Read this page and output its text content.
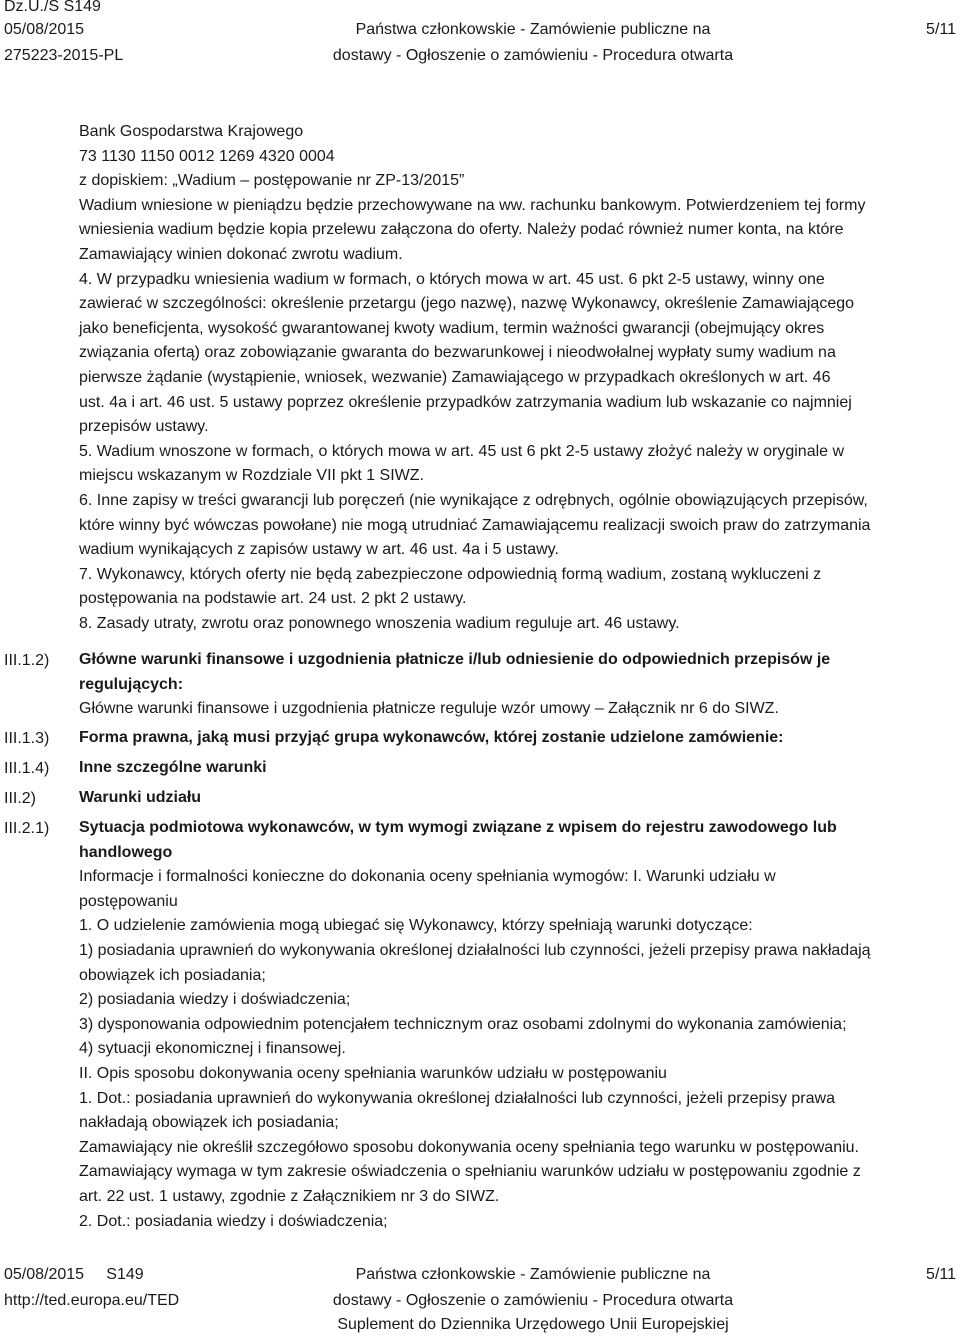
Dz.U./S S149
05/08/2015
275223-2015-PL
Państwa członkowskie - Zamówienie publiczne na
dostawy - Ogłoszenie o zamówieniu - Procedura otwarta
5/11
III.1.2)
III.1.3)
III.1.4)
III.2)
III.2.1)

Bank Gospodarstwa Krajowego

73 1130 1150 0012 1269 4320 0004

z dopiskiem: „Wadium – postępowanie nr ZP-13/2015”

Wadium wniesione w pieniądzu będzie przechowywane na ww. rachunku bankowym. Potwierdzeniem tej formy

wniesienia wadium będzie kopia przelewu załączona do oferty. Należy podać również numer konta, na które

Zamawiający winien dokonać zwrotu wadium.

4. W przypadku wniesienia wadium w formach, o których mowa w art. 45 ust. 6 pkt 2-5 ustawy, winny one

zawierać w szczególności: określenie przetargu (jego nazwę), nazwę Wykonawcy, określenie Zamawiającego

jako beneficjenta, wysokość gwarantowanej kwoty wadium, termin ważności gwarancji (obejmujący okres

związania ofertą) oraz zobowiązanie gwaranta do bezwarunkowej i nieodwołalnej wypłaty sumy wadium na

pierwsze żądanie (wystąpienie, wniosek, wezwanie) Zamawiającego w przypadkach określonych w art. 46

ust. 4a i art. 46 ust. 5 ustawy poprzez określenie przypadków zatrzymania wadium lub wskazanie co najmniej

przepisów ustawy.

5. Wadium wnoszone w formach, o których mowa w art. 45 ust 6 pkt 2-5 ustawy złożyć należy w oryginale w

miejscu wskazanym w Rozdziale VII pkt 1 SIWZ.

6. Inne zapisy w treści gwarancji lub poręczeń (nie wynikające z odrębnych, ogólnie obowiązujących przepisów,

które winny być wówczas powołane) nie mogą utrudniać Zamawiającemu realizacji swoich praw do zatrzymania

wadium wynikających z zapisów ustawy w art. 46 ust. 4a i 5 ustawy.

7. Wykonawcy, których oferty nie będą zabezpieczone odpowiednią formą wadium, zostaną wykluczeni z

postępowania na podstawie art. 24 ust. 2 pkt 2 ustawy.

8. Zasady utraty, zwrotu oraz ponownego wnoszenia wadium reguluje art. 46 ustawy.

Główne warunki finansowe i uzgodnienia płatnicze i/lub odniesienie do odpowiednich przepisów je

regulujących:

Główne warunki finansowe i uzgodnienia płatnicze reguluje wzór umowy – Załącznik nr 6 do SIWZ.

Forma prawna, jaką musi przyjąć grupa wykonawców, której zostanie udzielone zamówienie:

Inne szczególne warunki

Warunki udziału

Sytuacja podmiotowa wykonawców, w tym wymogi związane z wpisem do rejestru zawodowego lub

handlowego

Informacje i formalności konieczne do dokonania oceny spełniania wymogów: I. Warunki udziału w

postępowaniu

1. O udzielenie zamówienia mogą ubiegać się Wykonawcy, którzy spełniają warunki dotyczące:

1) posiadania uprawnień do wykonywania określonej działalności lub czynności, jeżeli przepisy prawa nakładają

obowiązek ich posiadania;

2) posiadania wiedzy i doświadczenia;

3) dysponowania odpowiednim potencjałem technicznym oraz osobami zdolnymi do wykonania zamówienia;

4) sytuacji ekonomicznej i finansowej.

II. Opis sposobu dokonywania oceny spełniania warunków udziału w postępowaniu

1. Dot.: posiadania uprawnień do wykonywania określonej działalności lub czynności, jeżeli przepisy prawa

nakładają obowiązek ich posiadania;

Zamawiający nie określił szczegółowo sposobu dokonywania oceny spełniania tego warunku w postępowaniu.

Zamawiający wymaga w tym zakresie oświadczenia o spełnianiu warunków udziału w postępowaniu zgodnie z

art. 22 ust. 1 ustawy, zgodnie z Załącznikiem nr 3 do SIWZ.

2. Dot.: posiadania wiedzy i doświadczenia;

05/08/2015     S149
http://ted.europa.eu/TED
Państwa członkowskie - Zamówienie publiczne na
dostawy - Ogłoszenie o zamówieniu - Procedura otwarta
Suplement do Dziennika Urzędowego Unii Europejskiej
5/11
